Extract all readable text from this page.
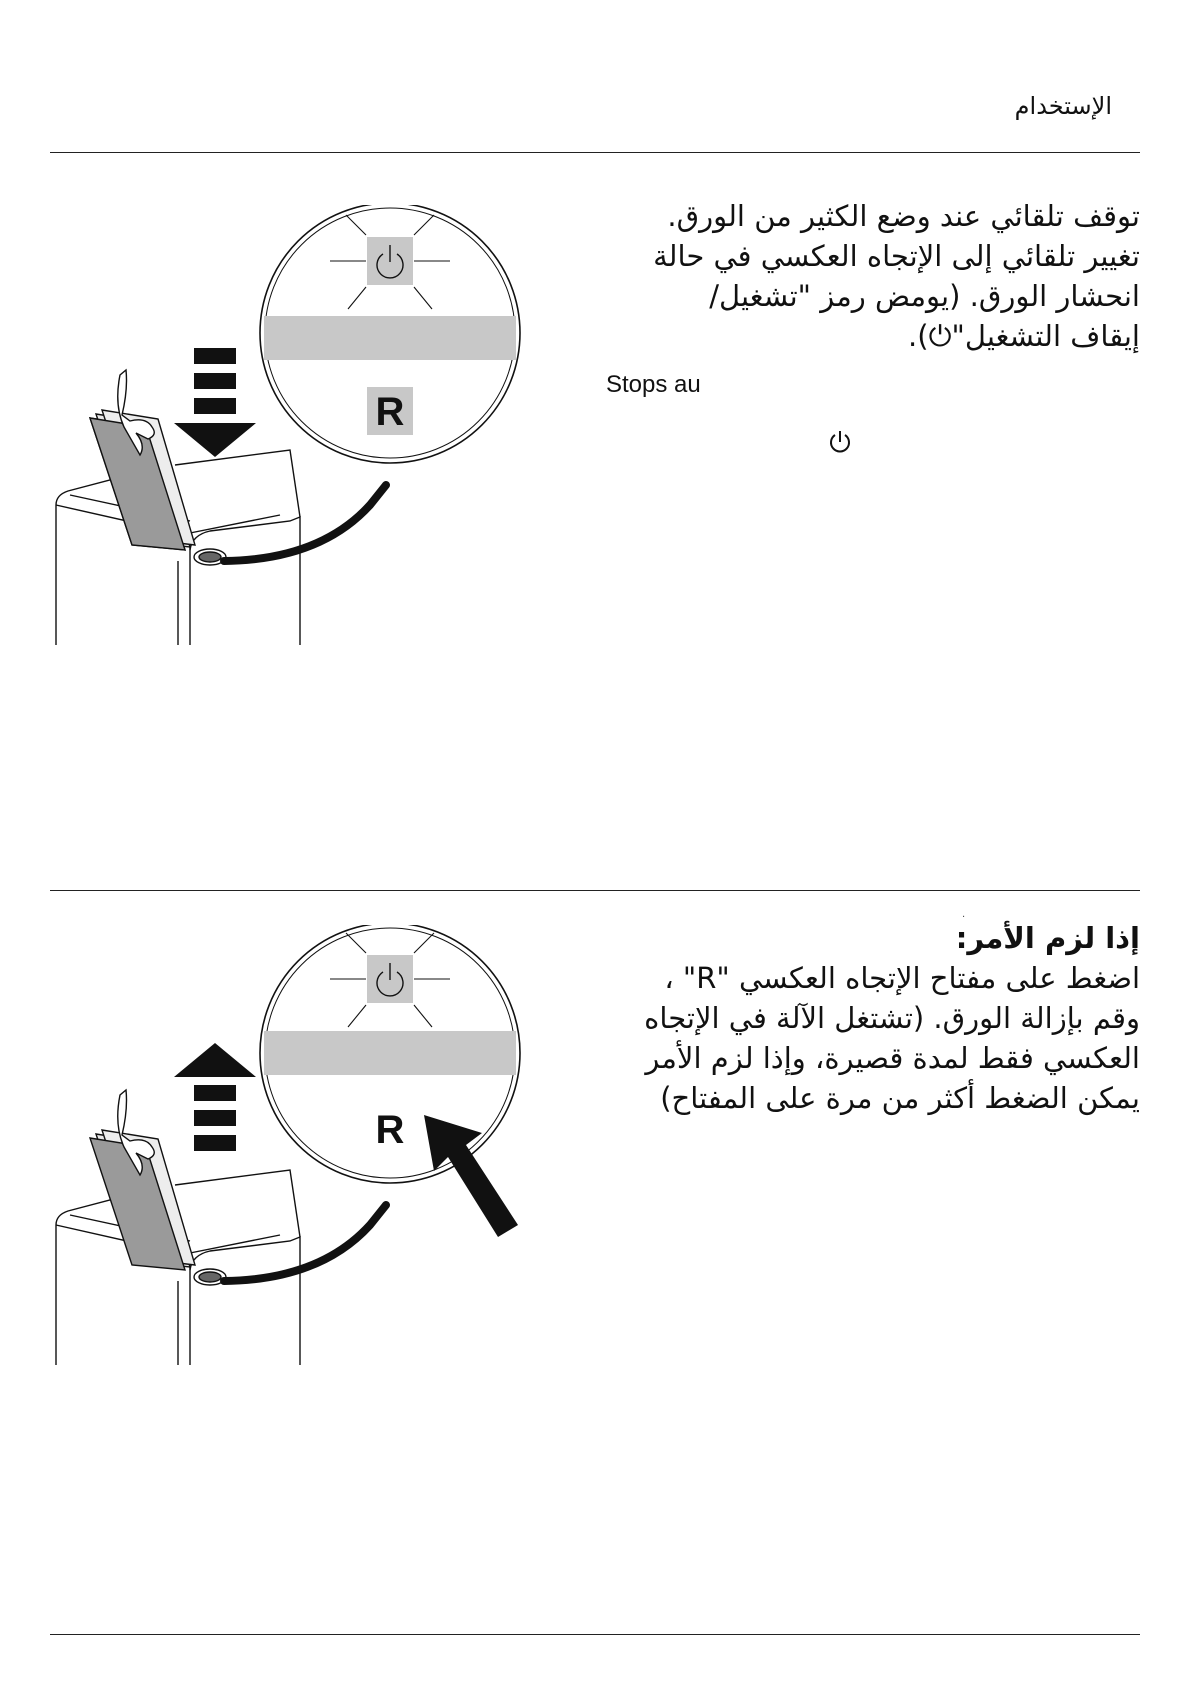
الإستخدام
توقف تلقائي عند وضع الكثير من الورق.
تغيير تلقائي إلى الإتجاه العكسي في حالة
انحشار الورق. (يومض رمز "تشغيل/
إيقاف التشغيل"⏻).
Stops au
R
·
إذا لزم الأمر:
اضغط على مفتاح الإتجاه العكسي "R" ،
وقم بإزالة الورق. (تشتغل الآلة في الإتجاه
العكسي فقط لمدة قصيرة، وإذا لزم الأمر
يمكن الضغط أكثر من مرة على المفتاح)
R
